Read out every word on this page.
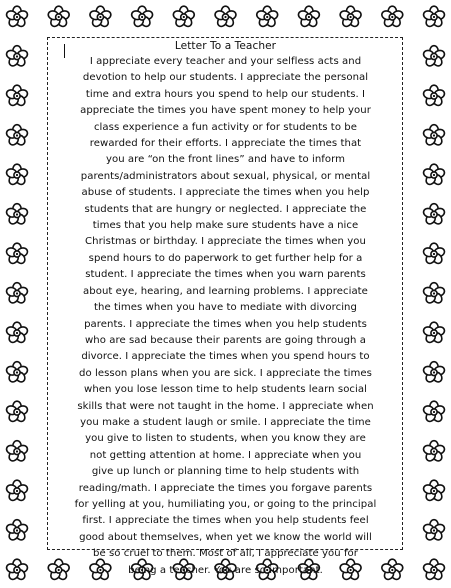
Letter To a Teacher
I appreciate every teacher and your selfless acts and
devotion to help our students. I appreciate the personal
time and extra hours you spend to help our students. I
appreciate the times you have spent money to help your
class experience a fun activity or for students to be
rewarded for their efforts. I appreciate the times that
you are “on the front lines” and have to inform
parents/administrators about sexual, physical, or mental
abuse of students. I appreciate the times when you help
students that are hungry or neglected. I appreciate the
times that you help make sure students have a nice
Christmas or birthday. I appreciate the times when you
spend hours to do paperwork to get further help for a
student. I appreciate the times when you warn parents
about eye, hearing, and learning problems. I appreciate
the times when you have to mediate with divorcing
parents. I appreciate the times when you help students
who are sad because their parents are going through a
divorce. I appreciate the times when you spend hours to
do lesson plans when you are sick. I appreciate the times
when you lose lesson time to help students learn social
skills that were not taught in the home. I appreciate when
you make a student laugh or smile. I appreciate the time
you give to listen to students, when you know they are
not getting attention at home. I appreciate when you
give up lunch or planning time to help students with
reading/math. I appreciate the times you forgave parents
for yelling at you, humiliating you, or going to the principal
first. I appreciate the times when you help students feel
good about themselves, when yet we know the world will
be so cruel to them. Most of all, I appreciate you for
being a teacher. You are so important.
